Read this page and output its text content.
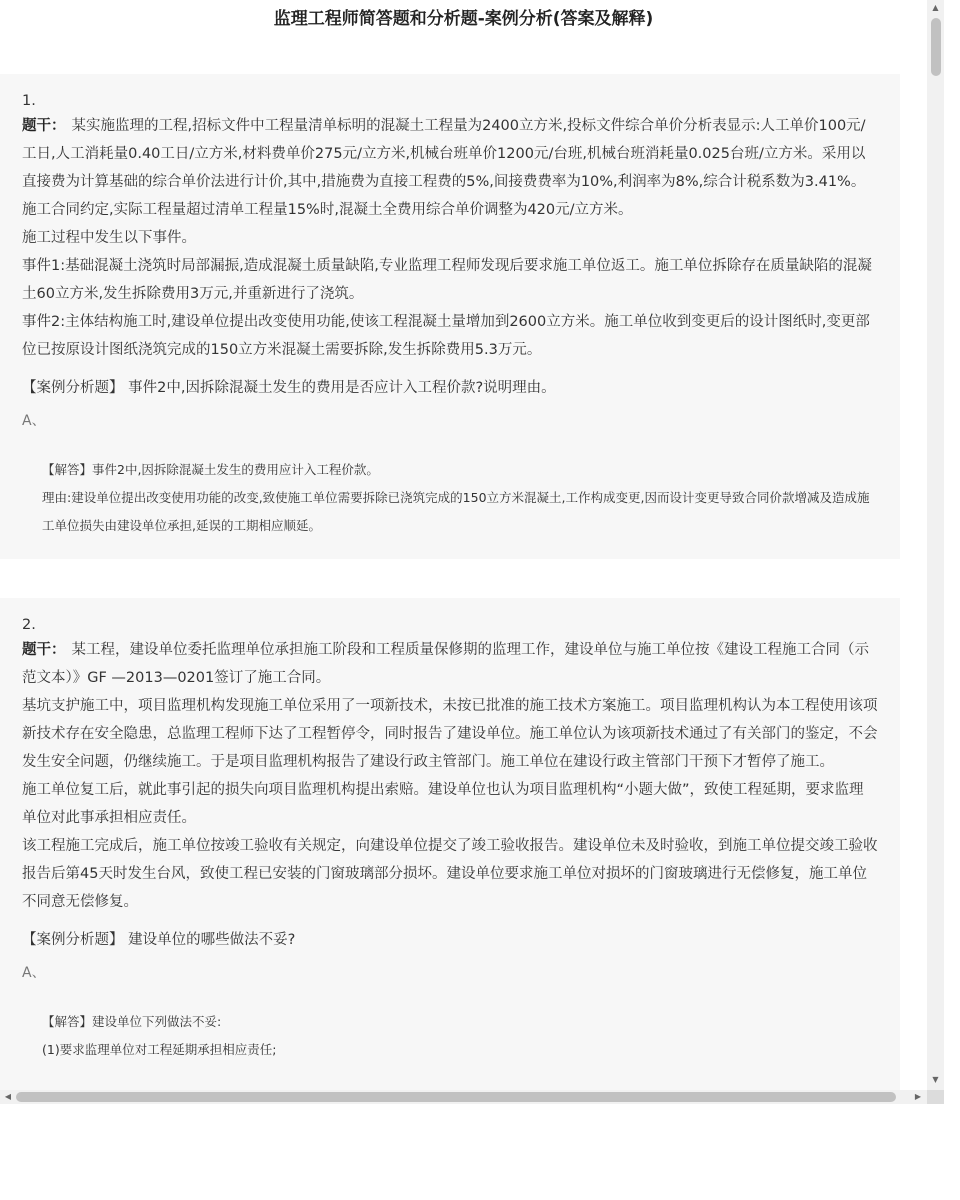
监理工程师简答题和分析题-案例分析(答案及解释)

1.

题干： 某实施监理的工程,招标文件中工程量清单标明的混凝土工程量为2400立方米,投标文件综合单价分析表显示:人工单价100元/工日,人工消耗量0.40工日/立方米,材料费单价275元/立方米,机械台班单价1200元/台班,机械台班消耗量0.025台班/立方米。采用以直接费为计算基础的综合单价法进行计价,其中,措施费为直接工程费的5%,间接费费率为10%,利润率为8%,综合计税系数为3.41%。施工合同约定,实际工程量超过清单工程量15%时,混凝土全费用综合单价调整为420元/立方米。

施工过程中发生以下事件。

事件1:基础混凝土浇筑时局部漏振,造成混凝土质量缺陷,专业监理工程师发现后要求施工单位返工。施工单位拆除存在质量缺陷的混凝土60立方米,发生拆除费用3万元,并重新进行了浇筑。

事件2:主体结构施工时,建设单位提出改变使用功能,使该工程混凝土量增加到2600立方米。施工单位收到变更后的设计图纸时,变更部位已按原设计图纸浇筑完成的150立方米混凝土需要拆除,发生拆除费用5.3万元。

【案例分析题】 事件2中,因拆除混凝土发生的费用是否应计入工程价款?说明理由。

A、

【解答】事件2中,因拆除混凝土发生的费用应计入工程价款。

理由:建设单位提出改变使用功能的改变,致使施工单位需要拆除已浇筑完成的150立方米混凝土,工作构成变更,因而设计变更导致合同价款增减及造成施工单位损失由建设单位承担,延误的工期相应顺延。

2.

题干： 某工程，建设单位委托监理单位承担施工阶段和工程质量保修期的监理工作，建设单位与施工单位按《建设工程施工合同（示范文本）》GF —2013—0201签订了施工合同。

基坑支护施工中，项目监理机构发现施工单位采用了一项新技术，未按已批准的施工技术方案施工。项目监理机构认为本工程使用该项新技术存在安全隐患，总监理工程师下达了工程暂停令，同时报告了建设单位。施工单位认为该项新技术通过了有关部门的鉴定，不会发生安全问题，仍继续施工。于是项目监理机构报告了建设行政主管部门。施工单位在建设行政主管部门干预下才暂停了施工。

施工单位复工后，就此事引起的损失向项目监理机构提出索赔。建设单位也认为项目监理机构“小题大做”，致使工程延期，要求监理单位对此事承担相应责任。

该工程施工完成后，施工单位按竣工验收有关规定，向建设单位提交了竣工验收报告。建设单位未及时验收，到施工单位提交竣工验收报告后第45天时发生台风，致使工程已安装的门窗玻璃部分损坏。建设单位要求施工单位对损坏的门窗玻璃进行无偿修复，施工单位不同意无偿修复。

【案例分析题】 建设单位的哪些做法不妥?

A、

【解答】建设单位下列做法不妥:

(1)要求监理单位对工程延期承担相应责任;

▲
▼
◀	▶
